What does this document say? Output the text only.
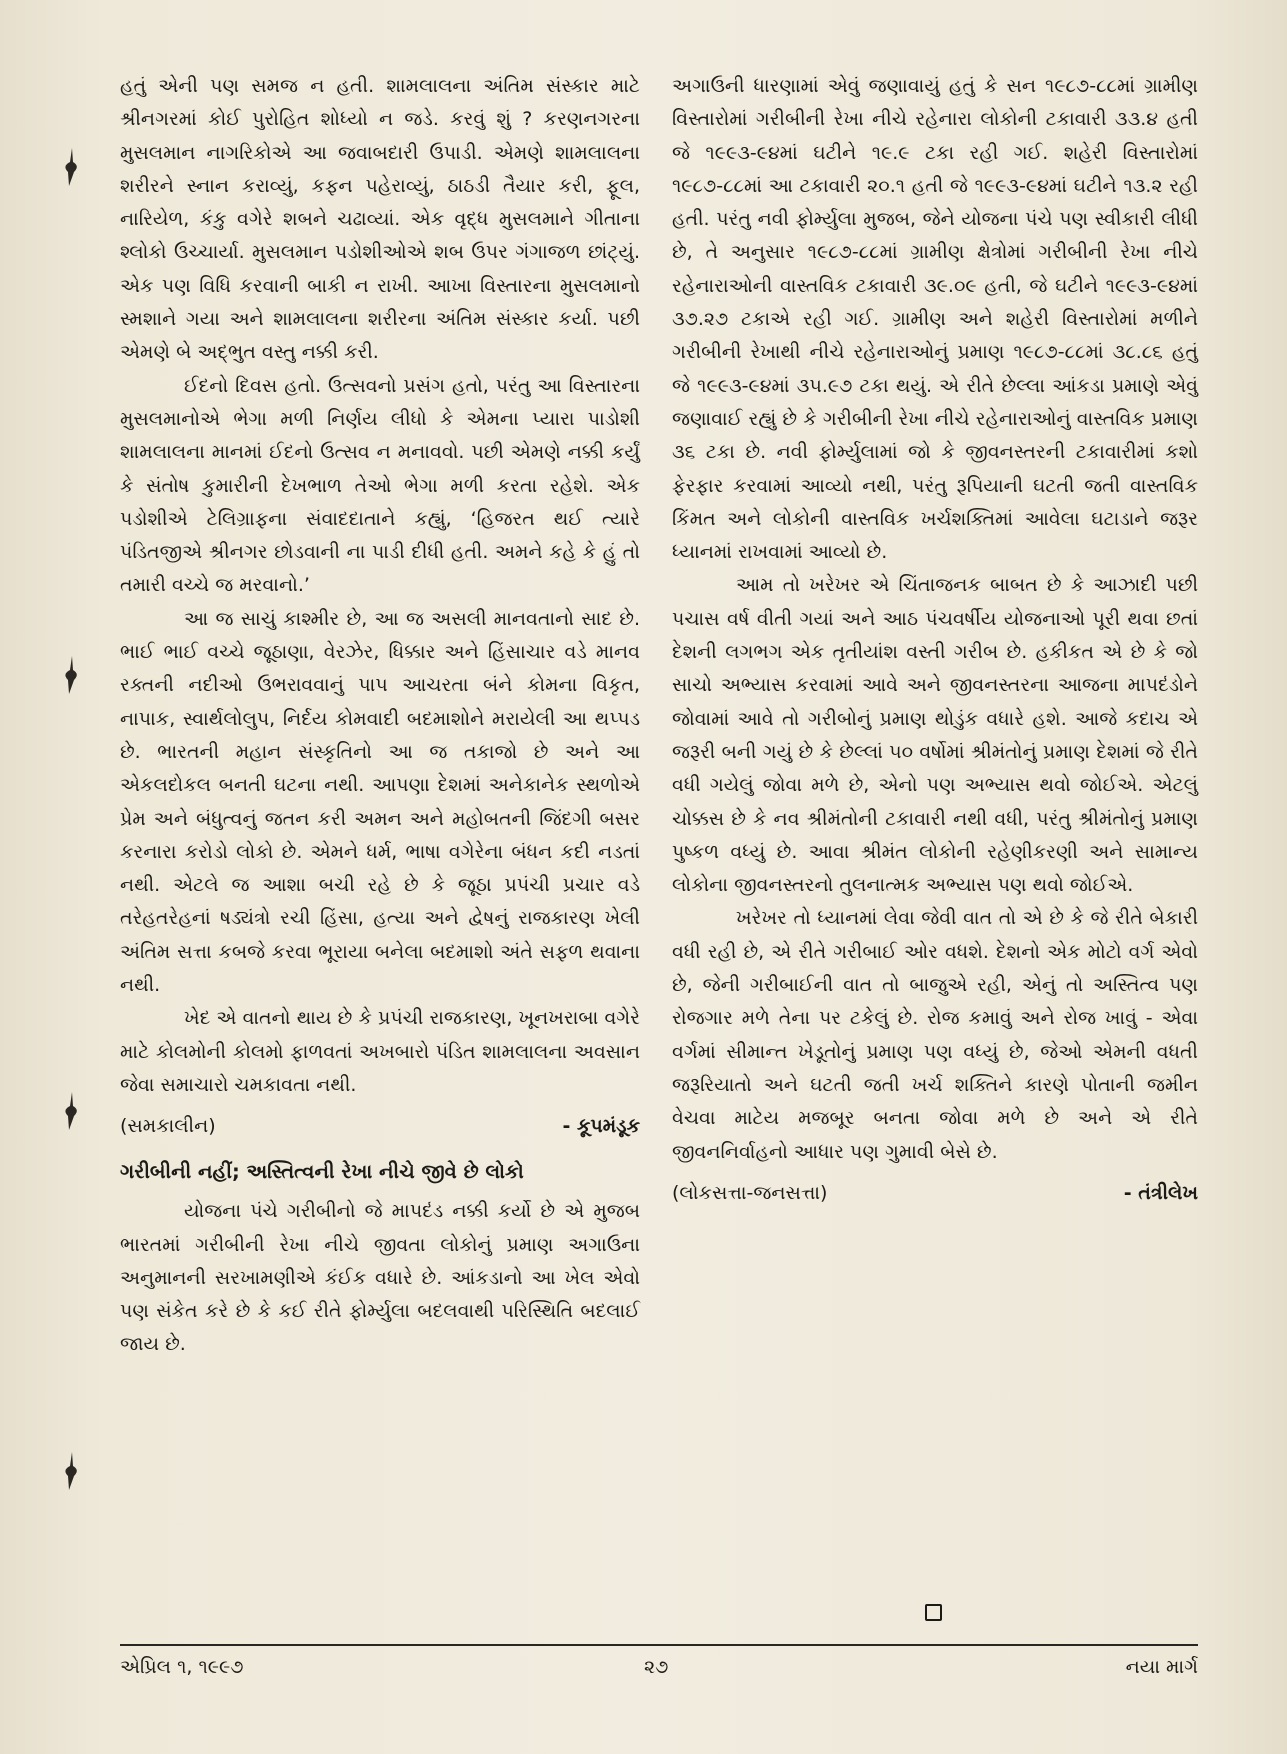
હતું એની પણ સમજ ન હતી. શામલાલના અંતિમ સંસ્કાર માટે શ્રીનગરમાં કોઈ પુરોહિત શોધ્યો ન જડે. કરવું શું ? કરણનગરના મુસલમાન નાગરિકોએ આ જવાબદારી ઉપાડી. એમણે શામલાલના શરીરને સ્નાન કરાવ્યું, કફન પહેરાવ્યું, ઠાઠડી તૈયાર કરી, ફૂલ, નારિયેળ, કંકુ વગેરે શબને ચઢાવ્યાં. એક વૃદ્ધ મુસલમાને ગીતાના શ્લોકો ઉચ્ચાર્યા. મુસલમાન પડોશીઓએ શબ ઉપર ગંગાજળ છાંટ્યું. એક પણ વિધિ કરવાની બાકી ન રાખી. આખા વિસ્તારના મુસલમાનો સ્મશાને ગયા અને શામલાલના શરીરના અંતિમ સંસ્કાર કર્યા. પછી એમણે બે અદ્ભુત વસ્તુ નક્કી કરી.

ઈદનો દિવસ હતો. ઉત્સવનો પ્રસંગ હતો, પરંતુ આ વિસ્તારના મુસલમાનોએ ભેગા મળી નિર્ણય લીધો કે એમના પ્યારા પાડોશી શામલાલના માનમાં ઈદનો ઉત્સવ ન મનાવવો. પછી એમણે નક્કી કર્યું કે સંતોષ કુમારીની દેખભાળ તેઓ ભેગા મળી કરતા રહેશે. એક પડોશીએ ટેલિગ્રાફના સંવાદદાતાને કહ્યું, ‘હિજરત થઈ ત્યારે પંડિતજીએ શ્રીનગર છોડવાની ના પાડી દીધી હતી. અમને કહે કે હું તો તમારી વચ્ચે જ મરવાનો.’

આ જ સાચું કાશ્મીર છે, આ જ અસલી માનવતાનો સાદ છે. ભાઈ ભાઈ વચ્ચે જૂઠાણા, વેરઝેર, ધિક્કાર અને હિંસાચાર વડે માનવ રક્તની નદીઓ ઉભરાવવાનું પાપ આચરતા બંને કોમના વિકૃત, નાપાક, સ્વાર્થલોલુપ, નિર્દય કોમવાદી બદમાશોને મરાયેલી આ થપ્પડ છે. ભારતની મહાન સંસ્કૃતિનો આ જ તકાજો છે અને આ એકલદોકલ બનતી ઘટના નથી. આપણા દેશમાં અનેકાનેક સ્થળોએ પ્રેમ અને બંધુત્વનું જતન કરી અમન અને મહોબતની જિંદગી બસર કરનારા કરોડો લોકો છે. એમને ધર્મ, ભાષા વગેરેના બંધન કદી નડતાં નથી. એટલે જ આશા બચી રહે છે કે જૂઠા પ્રપંચી પ્રચાર વડે તરેહતરેહનાં ષડ્યંત્રો રચી હિંસા, હત્યા અને દ્વેષનું રાજકારણ ખેલી અંતિમ સત્તા કબજે કરવા ભૂરાયા બનેલા બદમાશો અંતે સફળ થવાના નથી.

ખેદ એ વાતનો થાય છે કે પ્રપંચી રાજકારણ, ખૂનખરાબા વગેરે માટે કોલમોની કોલમો ફાળવતાં અખબારો પંડિત શામલાલના અવસાન જેવા સમાચારો ચમકાવતા નથી.

(સમકાલીન)	- કૂપમંડૂક
ગરીબીની નહીં; અસ્તિત્વની રેખા નીચે જીવે છે લોકો

યોજના પંચે ગરીબીનો જે માપદંડ નક્કી કર્યો છે એ મુજબ ભારતમાં ગરીબીની રેખા નીચે જીવતા લોકોનું પ્રમાણ અગાઉના અનુમાનની સરખામણીએ કંઈક વધારે છે. આંકડાનો આ ખેલ એવો પણ સંકેત કરે છે કે કઈ રીતે ફોર્મ્યુલા બદલવાથી પરિસ્થિતિ બદલાઈ જાય છે.

અગાઉની ધારણામાં એવું જણાવાયું હતું કે સન ૧૯૮૭-૮૮માં ગ્રામીણ વિસ્તારોમાં ગરીબીની રેખા નીચે રહેનારા લોકોની ટકાવારી ૩૩.૪ હતી જે ૧૯૯૩-૯૪માં ઘટીને ૧૯.૯ ટકા રહી ગઈ. શહેરી વિસ્તારોમાં ૧૯૮૭-૮૮માં આ ટકાવારી ૨૦.૧ હતી જે ૧૯૯૩-૯૪માં ઘટીને ૧૩.૨ રહી હતી. પરંતુ નવી ફોર્મ્યુલા મુજબ, જેને યોજના પંચે પણ સ્વીકારી લીધી છે, તે અનુસાર ૧૯૮૭-૮૮માં ગ્રામીણ ક્ષેત્રોમાં ગરીબીની રેખા નીચે રહેનારાઓની વાસ્તવિક ટકાવારી ૩૯.૦૯ હતી, જે ઘટીને ૧૯૯૩-૯૪માં ૩૭.૨૭ ટકાએ રહી ગઈ. ગ્રામીણ અને શહેરી વિસ્તારોમાં મળીને ગરીબીની રેખાથી નીચે રહેનારાઓનું પ્રમાણ ૧૯૮૭-૮૮માં ૩૮.૮૬ હતું જે ૧૯૯૩-૯૪માં ૩૫.૯૭ ટકા થયું. એ રીતે છેલ્લા આંકડા પ્રમાણે એવું જણાવાઈ રહ્યું છે કે ગરીબીની રેખા નીચે રહેનારાઓનું વાસ્તવિક પ્રમાણ ૩૬ ટકા છે. નવી ફોર્મ્યુલામાં જો કે જીવનસ્તરની ટકાવારીમાં કશો ફેરફાર કરવામાં આવ્યો નથી, પરંતુ રૂપિયાની ઘટતી જતી વાસ્તવિક કિંમત અને લોકોની વાસ્તવિક ખર્ચશક્તિમાં આવેલા ઘટાડાને જરૂર ધ્યાનમાં રાખવામાં આવ્યો છે.

આમ તો ખરેખર એ ચિંતાજનક બાબત છે કે આઝાદી પછી પચાસ વર્ષ વીતી ગયાં અને આઠ પંચવર્ષીય યોજનાઓ પૂરી થવા છતાં દેશની લગભગ એક તૃતીયાંશ વસ્તી ગરીબ છે. હકીકત એ છે કે જો સાચો અભ્યાસ કરવામાં આવે અને જીવનસ્તરના આજના માપદંડોને જોવામાં આવે તો ગરીબોનું પ્રમાણ થોડુંક વધારે હશે. આજે કદાચ એ જરૂરી બની ગયું છે કે છેલ્લાં ૫૦ વર્ષોમાં શ્રીમંતોનું પ્રમાણ દેશમાં જે રીતે વધી ગયેલું જોવા મળે છે, એનો પણ અભ્યાસ થવો જોઈએ. એટલું ચોક્કસ છે કે નવ શ્રીમંતોની ટકાવારી નથી વધી, પરંતુ શ્રીમંતોનું પ્રમાણ પુષ્કળ વધ્યું છે. આવા શ્રીમંત લોકોની રહેણીકરણી અને સામાન્ય લોકોના જીવનસ્તરનો તુલનાત્મક અભ્યાસ પણ થવો જોઈએ.

ખરેખર તો ધ્યાનમાં લેવા જેવી વાત તો એ છે કે જે રીતે બેકારી વધી રહી છે, એ રીતે ગરીબાઈ ઓર વધશે. દેશનો એક મોટો વર્ગ એવો છે, જેની ગરીબાઈની વાત તો બાજુએ રહી, એનું તો અસ્તિત્વ પણ રોજગાર મળે તેના પર ટકેલું છે. રોજ કમાવું અને રોજ ખાવું - એવા વર્ગમાં સીમાન્ત ખેડૂતોનું પ્રમાણ પણ વધ્યું છે, જેઓ એમની વધતી જરૂરિયાતો અને ઘટતી જતી ખર્ચ શક્તિને કારણે પોતાની જમીન વેચવા માટેય મજબૂર બનતા જોવા મળે છે અને એ રીતે જીવનનિર્વાહનો આધાર પણ ગુમાવી બેસે છે.

(લોકસત્તા-જનસત્તા)	- તંત્રીલેખ
એપ્રિલ ૧, ૧૯૯૭	૨૭	નયા માર્ગ
